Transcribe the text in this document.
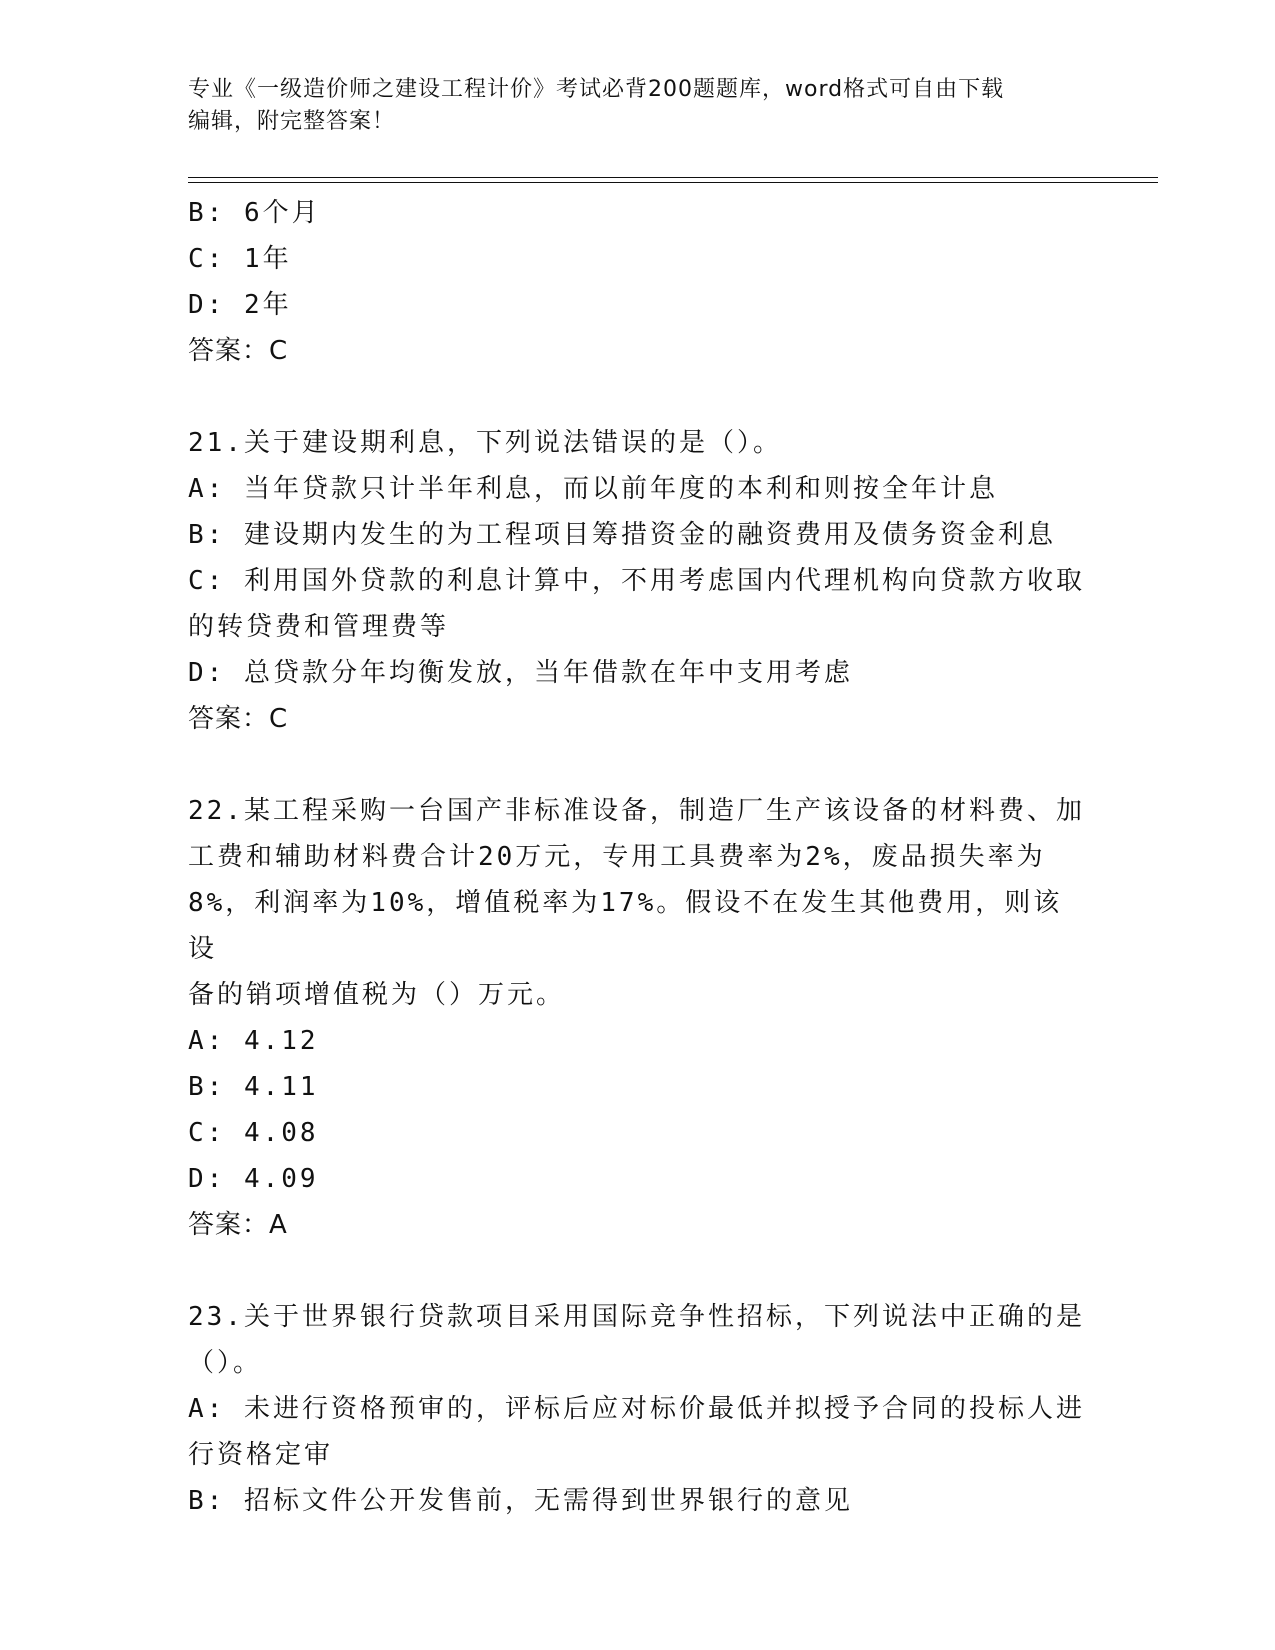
专业《一级造价师之建设工程计价》考试必背200题题库，word格式可自由下载
编辑，附完整答案！
B: 6个月
C: 1年
D: 2年
答案：C
21.关于建设期利息，下列说法错误的是（）。
A: 当年贷款只计半年利息，而以前年度的本利和则按全年计息
B: 建设期内发生的为工程项目筹措资金的融资费用及债务资金利息
C: 利用国外贷款的利息计算中，不用考虑国内代理机构向贷款方收取
的转贷费和管理费等
D: 总贷款分年均衡发放，当年借款在年中支用考虑
答案：C
22.某工程采购一台国产非标准设备，制造厂生产该设备的材料费、加
工费和辅助材料费合计20万元，专用工具费率为2%，废品损失率为
8%，利润率为10%，增值税率为17%。假设不在发生其他费用，则该设
备的销项增值税为（）万元。
A: 4.12
B: 4.11
C: 4.08
D: 4.09
答案：A
23.关于世界银行贷款项目采用国际竞争性招标，下列说法中正确的是
（）。
A: 未进行资格预审的，评标后应对标价最低并拟授予合同的投标人进
行资格定审
B: 招标文件公开发售前，无需得到世界银行的意见
